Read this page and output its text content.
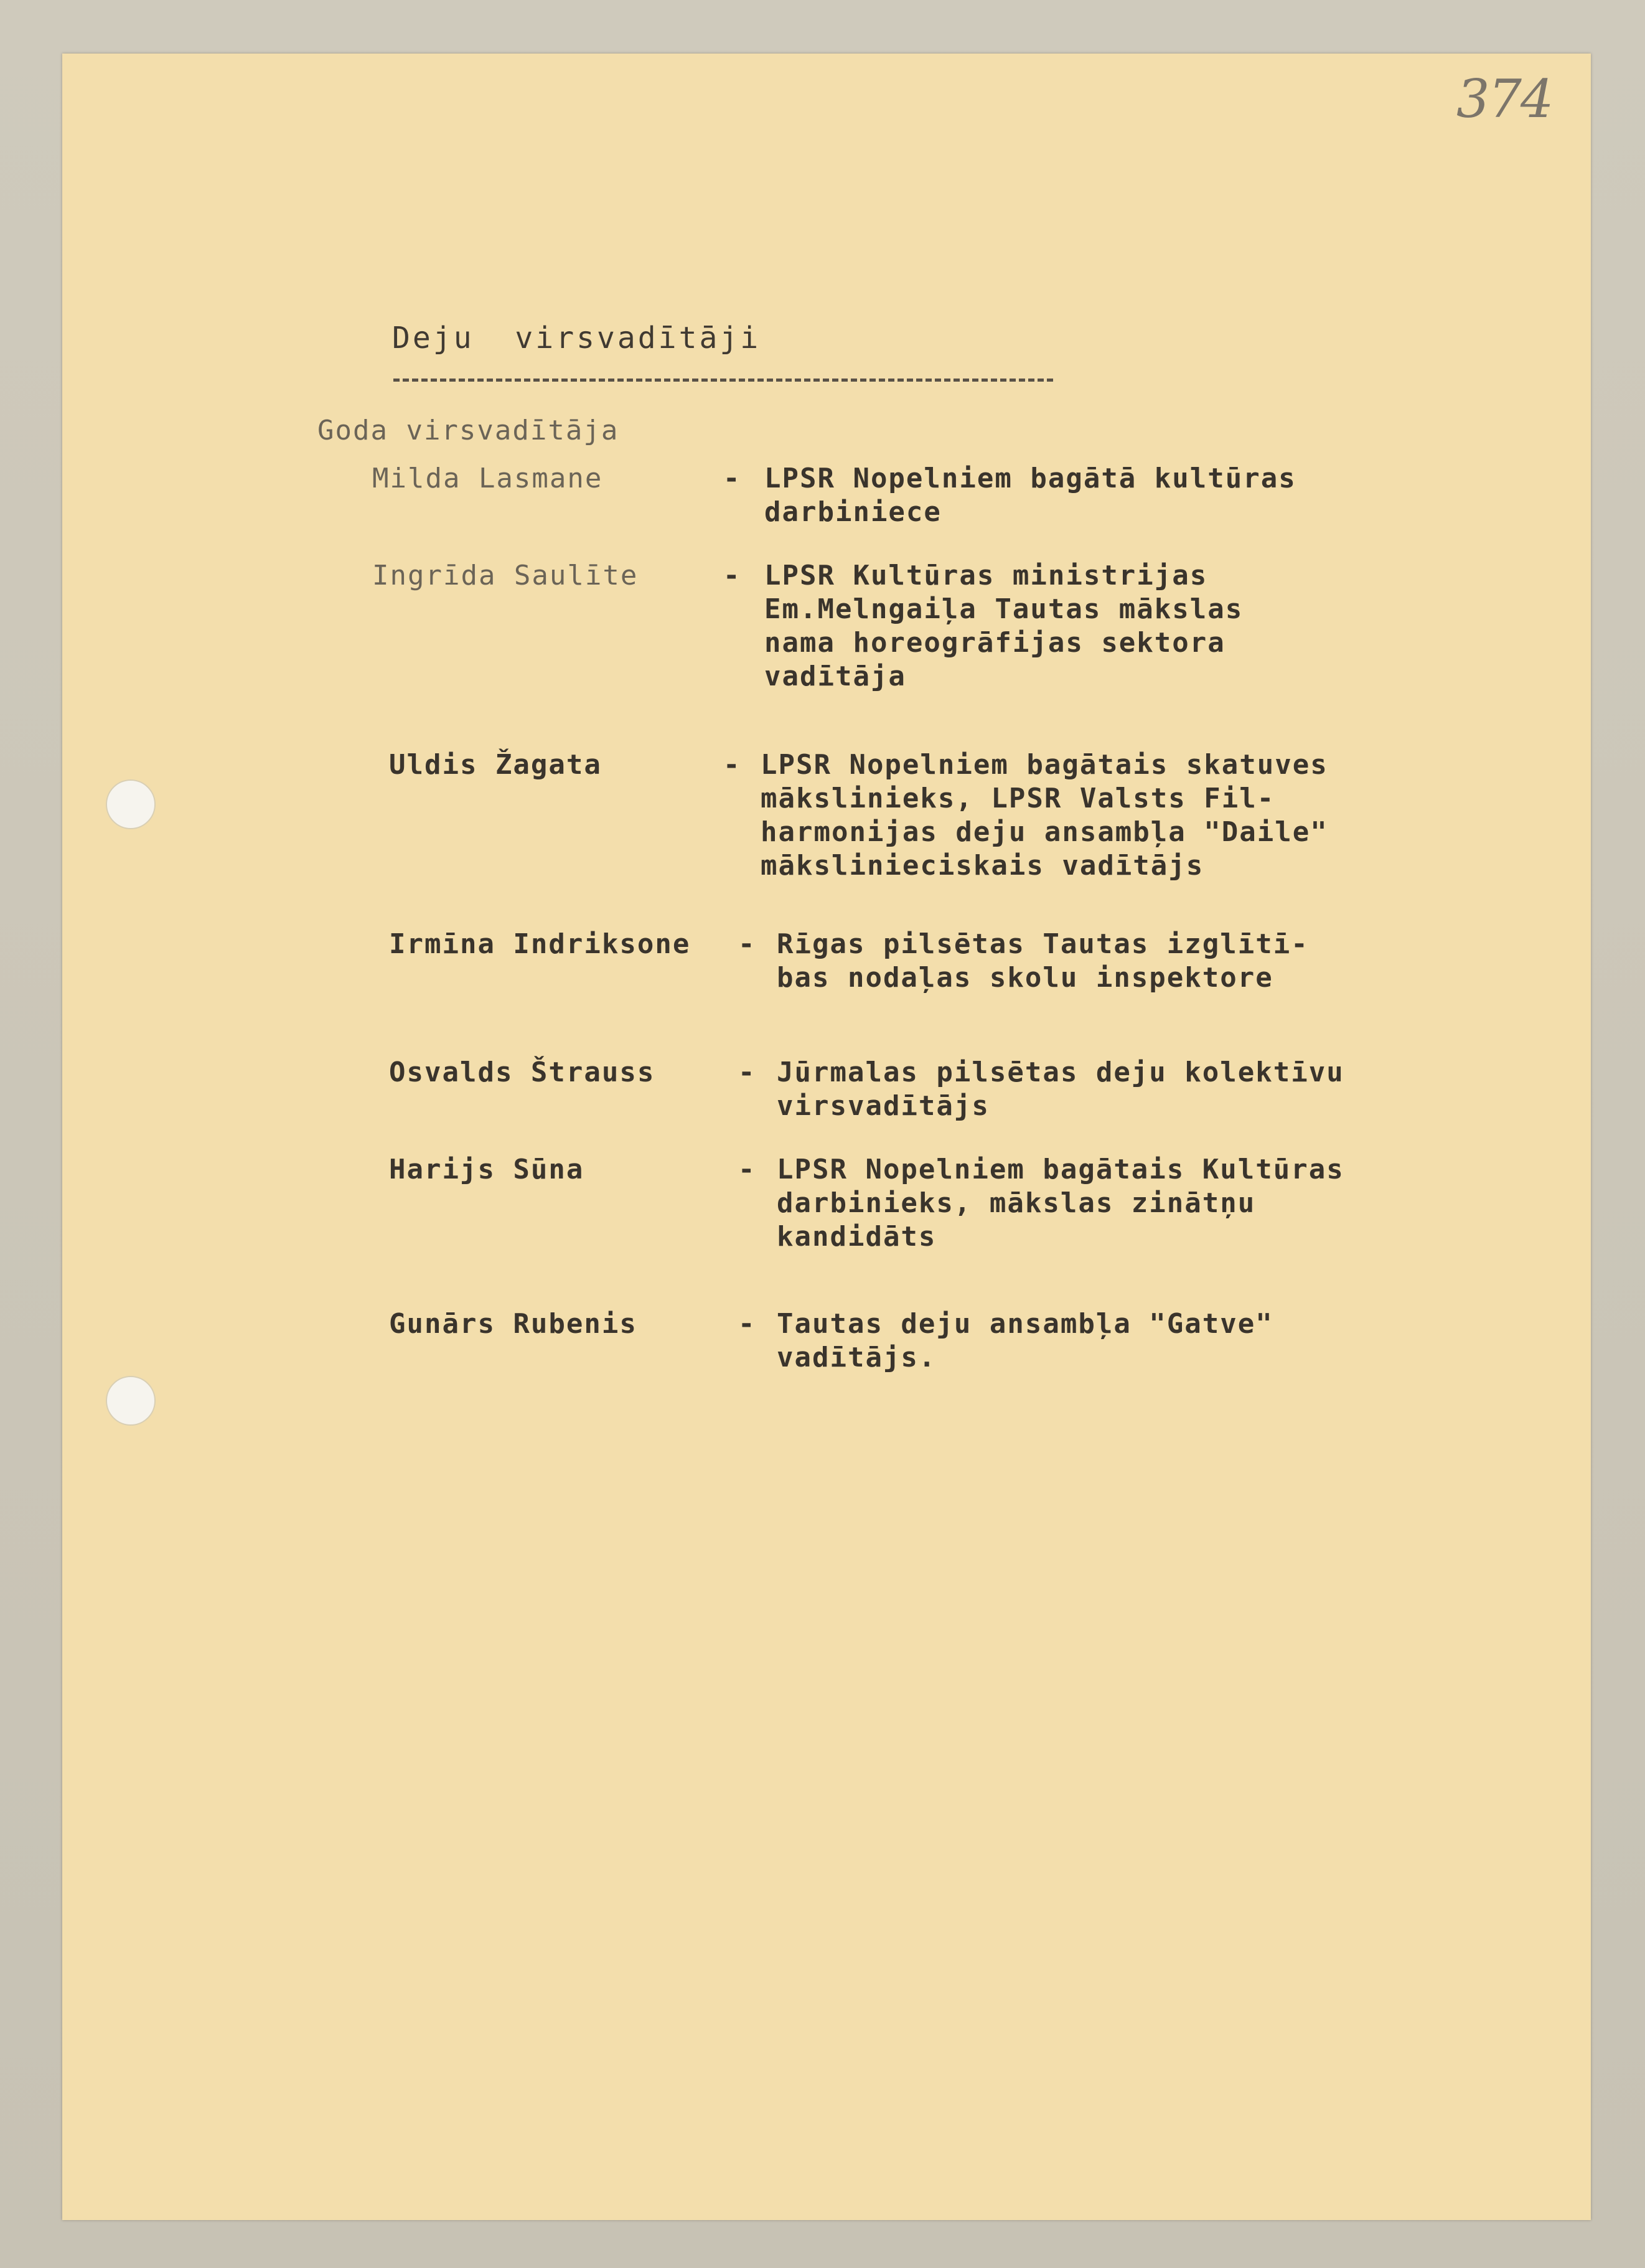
374
Deju  virsvadītāji
Goda virsvadītāja
Milda Lasmane	- LPSR Nopelniem bagātā kultūras
darbiniece
Ingrīda Saulīte	- LPSR Kultūras ministrijas
Em.Melngaiļa Tautas mākslas
nama horeogrāfijas sektora
vadītāja
Uldis Žagata	- LPSR Nopelniem bagātais skatuves
mākslinieks, LPSR Valsts Fil-
harmonijas deju ansambļa "Daile"
mākslinieciskais vadītājs
Irmīna Indriksone	- Rīgas pilsētas Tautas izglītī-
bas nodaļas skolu inspektore
Osvalds Štrauss	- Jūrmalas pilsētas deju kolektīvu
virsvadītājs
Harijs Sūna	- LPSR Nopelniem bagātais Kultūras
darbinieks, mākslas zinātņu
kandidāts
Gunārs Rubenis	- Tautas deju ansambļa "Gatve"
vadītājs.
